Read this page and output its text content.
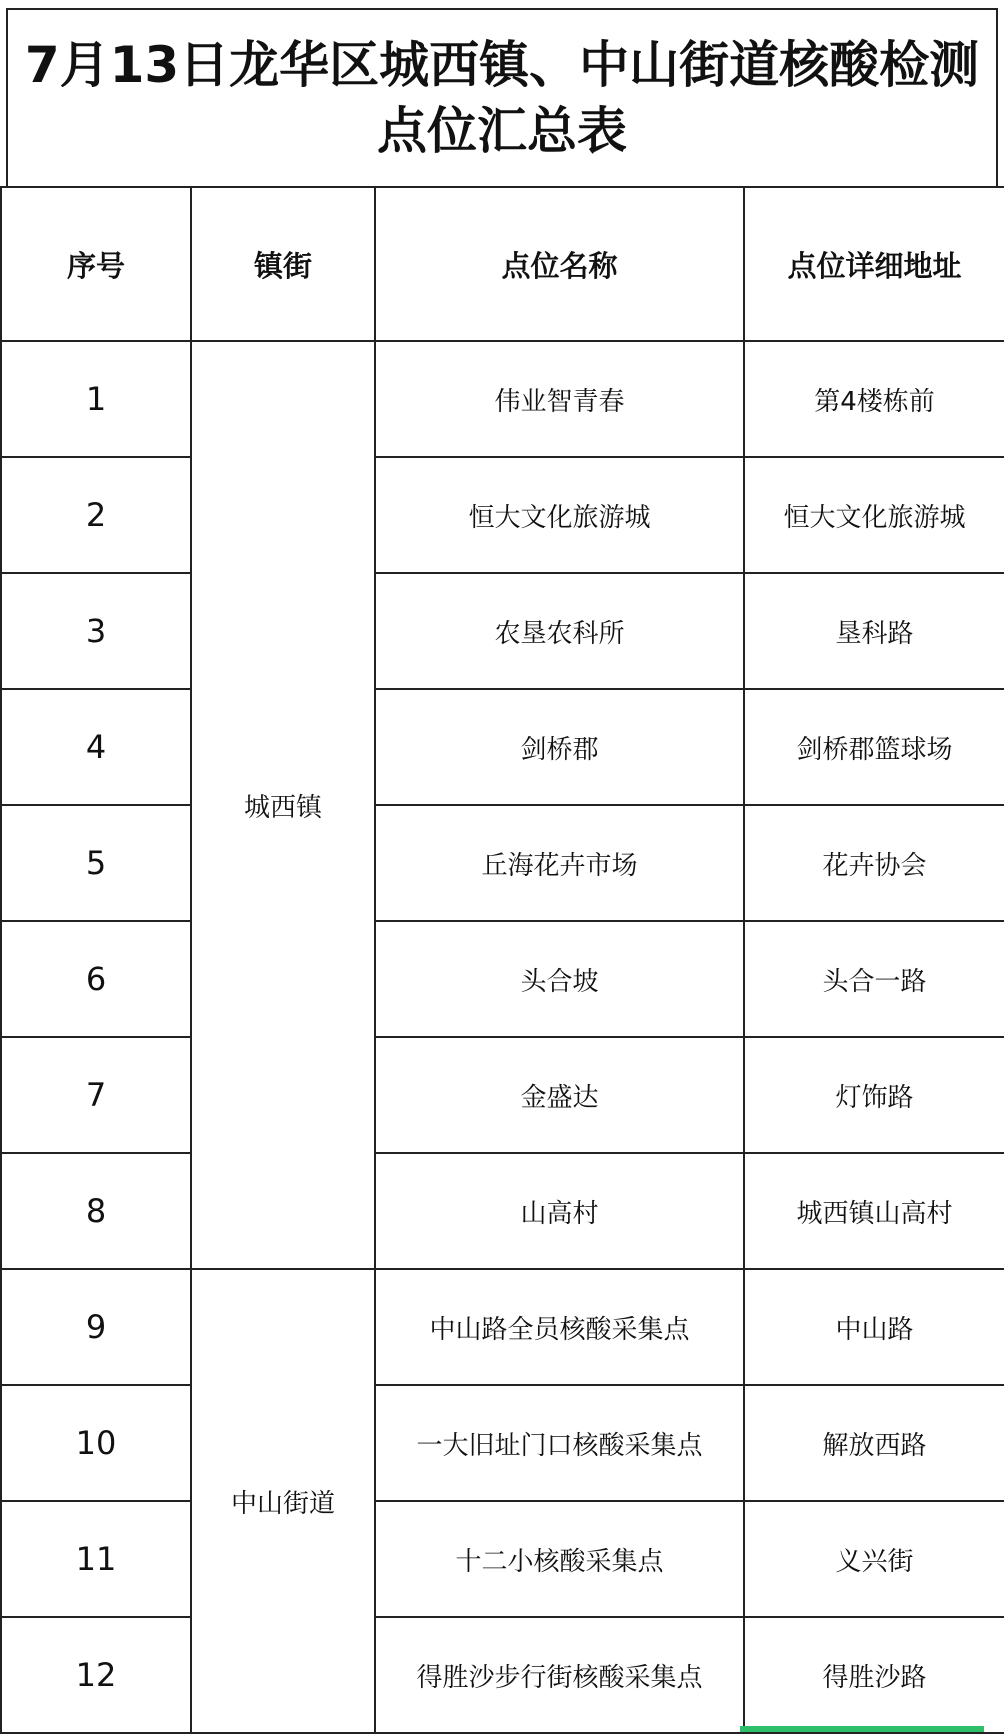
7月13日龙华区城西镇、中山街道核酸检测点位汇总表
序号	镇街	点位名称	点位详细地址
1	城西镇	伟业智青春	第4楼栋前
2		恒大文化旅游城	恒大文化旅游城
3		农垦农科所	垦科路
4		剑桥郡	剑桥郡篮球场
5		丘海花卉市场	花卉协会
6		头合坡	头合一路
7		金盛达	灯饰路
8		山高村	城西镇山高村
9	中山街道	中山路全员核酸采集点	中山路
10		一大旧址门口核酸采集点	解放西路
11		十二小核酸采集点	义兴街
12		得胜沙步行街核酸采集点	得胜沙路
